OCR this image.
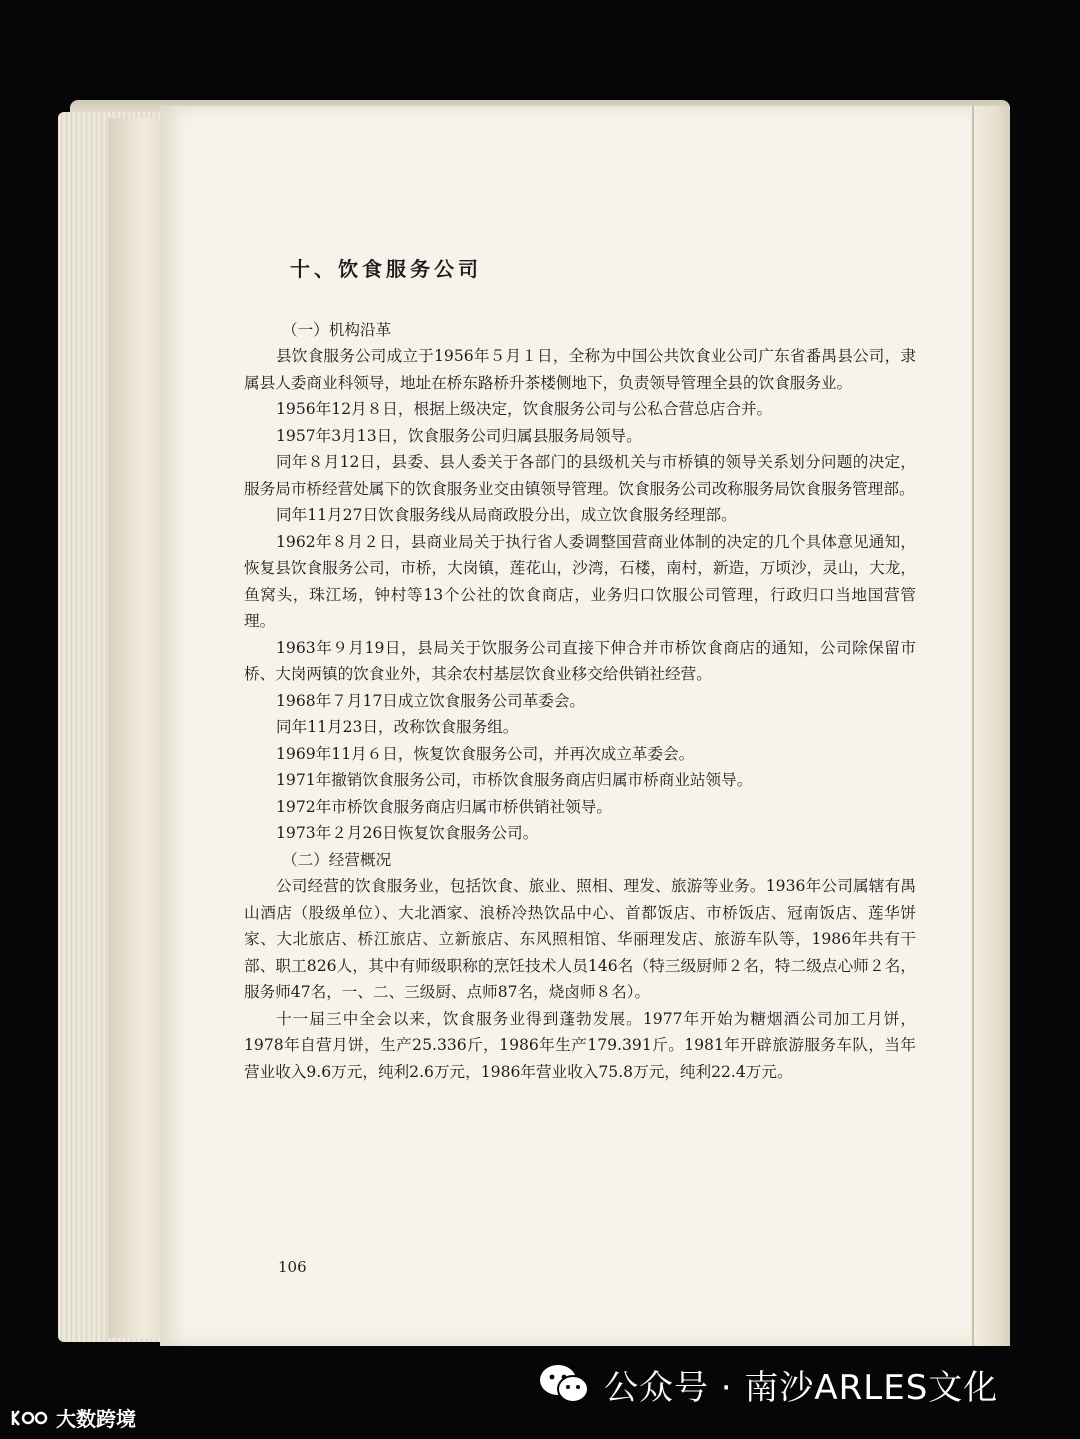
十、饮食服务公司

（一）机构沿革

县饮食服务公司成立于1956年５月１日，全称为中国公共饮食业公司广东省番禺县公司，隶属县人委商业科领导，地址在桥东路桥升茶楼侧地下，负责领导管理全县的饮食服务业。

1956年12月８日，根据上级决定，饮食服务公司与公私合营总店合并。

1957年3月13日，饮食服务公司归属县服务局领导。

同年８月12日，县委、县人委关于各部门的县级机关与市桥镇的领导关系划分问题的决定，服务局市桥经营处属下的饮食服务业交由镇领导管理。饮食服务公司改称服务局饮食服务管理部。

同年11月27日饮食服务线从局商政股分出，成立饮食服务经理部。

1962年８月２日，县商业局关于执行省人委调整国营商业体制的决定的几个具体意见通知，恢复县饮食服务公司，市桥，大岗镇，莲花山，沙湾，石楼，南村，新造，万顷沙，灵山，大龙，鱼窝头，珠江场，钟村等13个公社的饮食商店，业务归口饮服公司管理，行政归口当地国营管理。

1963年９月19日，县局关于饮服务公司直接下伸合并市桥饮食商店的通知，公司除保留市桥、大岗两镇的饮食业外，其余农村基层饮食业移交给供销社经营。

1968年７月17日成立饮食服务公司革委会。

同年11月23日，改称饮食服务组。

1969年11月６日，恢复饮食服务公司，并再次成立革委会。

1971年撤销饮食服务公司，市桥饮食服务商店归属市桥商业站领导。

1972年市桥饮食服务商店归属市桥供销社领导。

1973年２月26日恢复饮食服务公司。

（二）经营概况

公司经营的饮食服务业，包括饮食、旅业、照相、理发、旅游等业务。1936年公司属辖有禺山酒店（股级单位）、大北酒家、浪桥冷热饮品中心、首都饭店、市桥饭店、冠南饭店、莲华饼家、大北旅店、桥江旅店、立新旅店、东风照相馆、华丽理发店、旅游车队等，1986年共有干部、职工826人，其中有师级职称的烹饪技术人员146名（特三级厨师２名，特二级点心师２名，服务师47名，一、二、三级厨、点师87名，烧卤师８名）。

十一届三中全会以来，饮食服务业得到蓬勃发展。1977年开始为糖烟酒公司加工月饼，1978年自营月饼，生产25.336斤，1986年生产179.391斤。1981年开辟旅游服务车队，当年营业收入9.6万元，纯利2.6万元，1986年营业收入75.8万元，纯利22.4万元。

106
公众号 · 南沙ARLES文化
大数跨境
